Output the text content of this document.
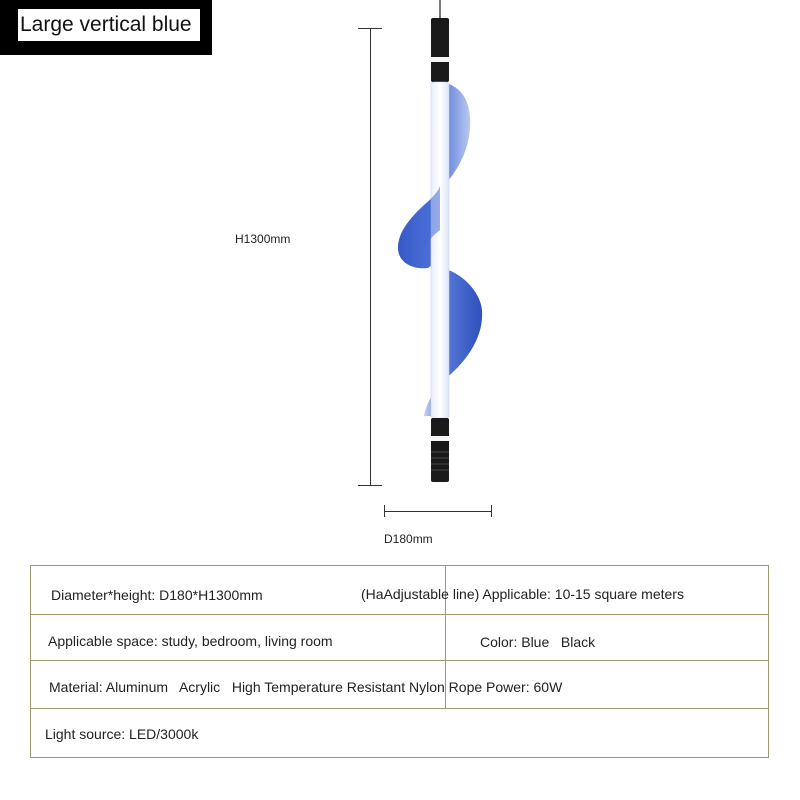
Large vertical blue
H1300mm
D180mm
Diameter*height: D180*H1300mm	(HaAdjustable line) Applicable: 10-15 square meters
Applicable space: study, bedroom, living room	Color: Blue   Black
Material: Aluminum   Acrylic   High Temperature Resistant Nylon Rope Power: 60W
Light source: LED/3000k
